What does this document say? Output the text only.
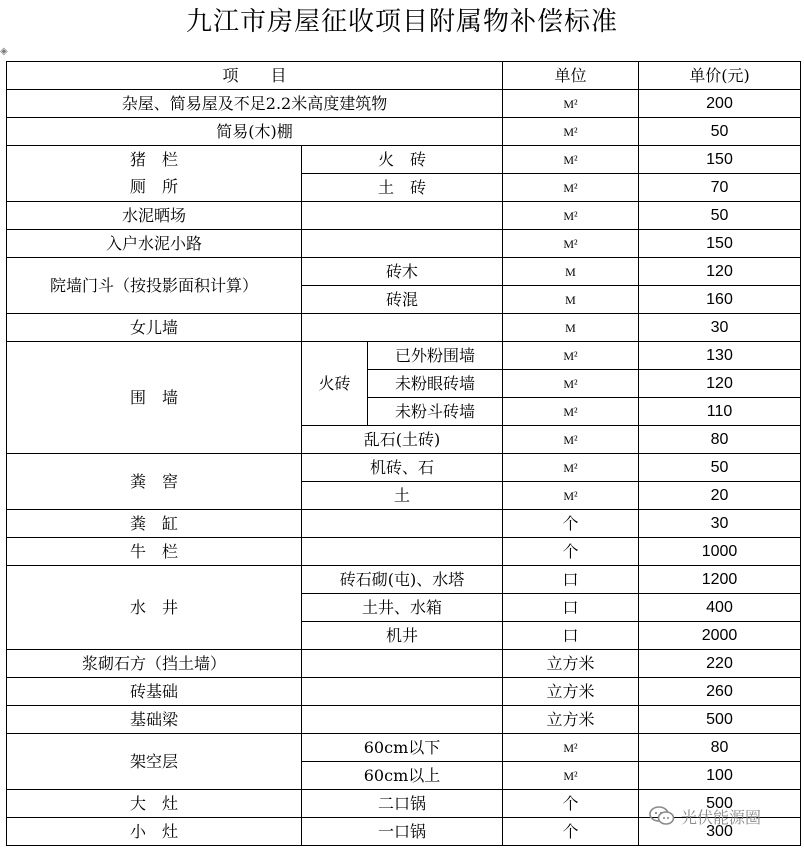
九江市房屋征收项目附属物补偿标准
◈
项　　目			单位	单价(元)
杂屋、简易屋及不足2.2米高度建筑物			M²	200
简易(木)棚			M²	50
猪　栏	火　砖		M²	150
厕　所	土　砖		M²	70
水泥晒场			M²	50
入户水泥小路			M²	150
院墙门斗（按投影面积计算）	砖木		M	120
	砖混		M	160
女儿墙			M	30
围　墙	火砖	已外粉围墙	M²	130
		未粉眼砖墙	M²	120
		未粉斗砖墙	M²	110
	乱石(土砖)		M²	80
粪　窖	机砖、石		M²	50
	土		M²	20
粪　缸			个	30
牛　栏			个	1000
水　井	砖石砌(屯)、水塔		口	1200
	土井、水箱		口	400
	机井		口	2000
浆砌石方（挡土墙）			立方米	220
砖基础			立方米	260
基础梁			立方米	500
架空层	60cm以下		M²	80
	60cm以上		M²	100
大　灶	二口锅		个	500
小　灶	一口锅		个	300
光伏能源圈
